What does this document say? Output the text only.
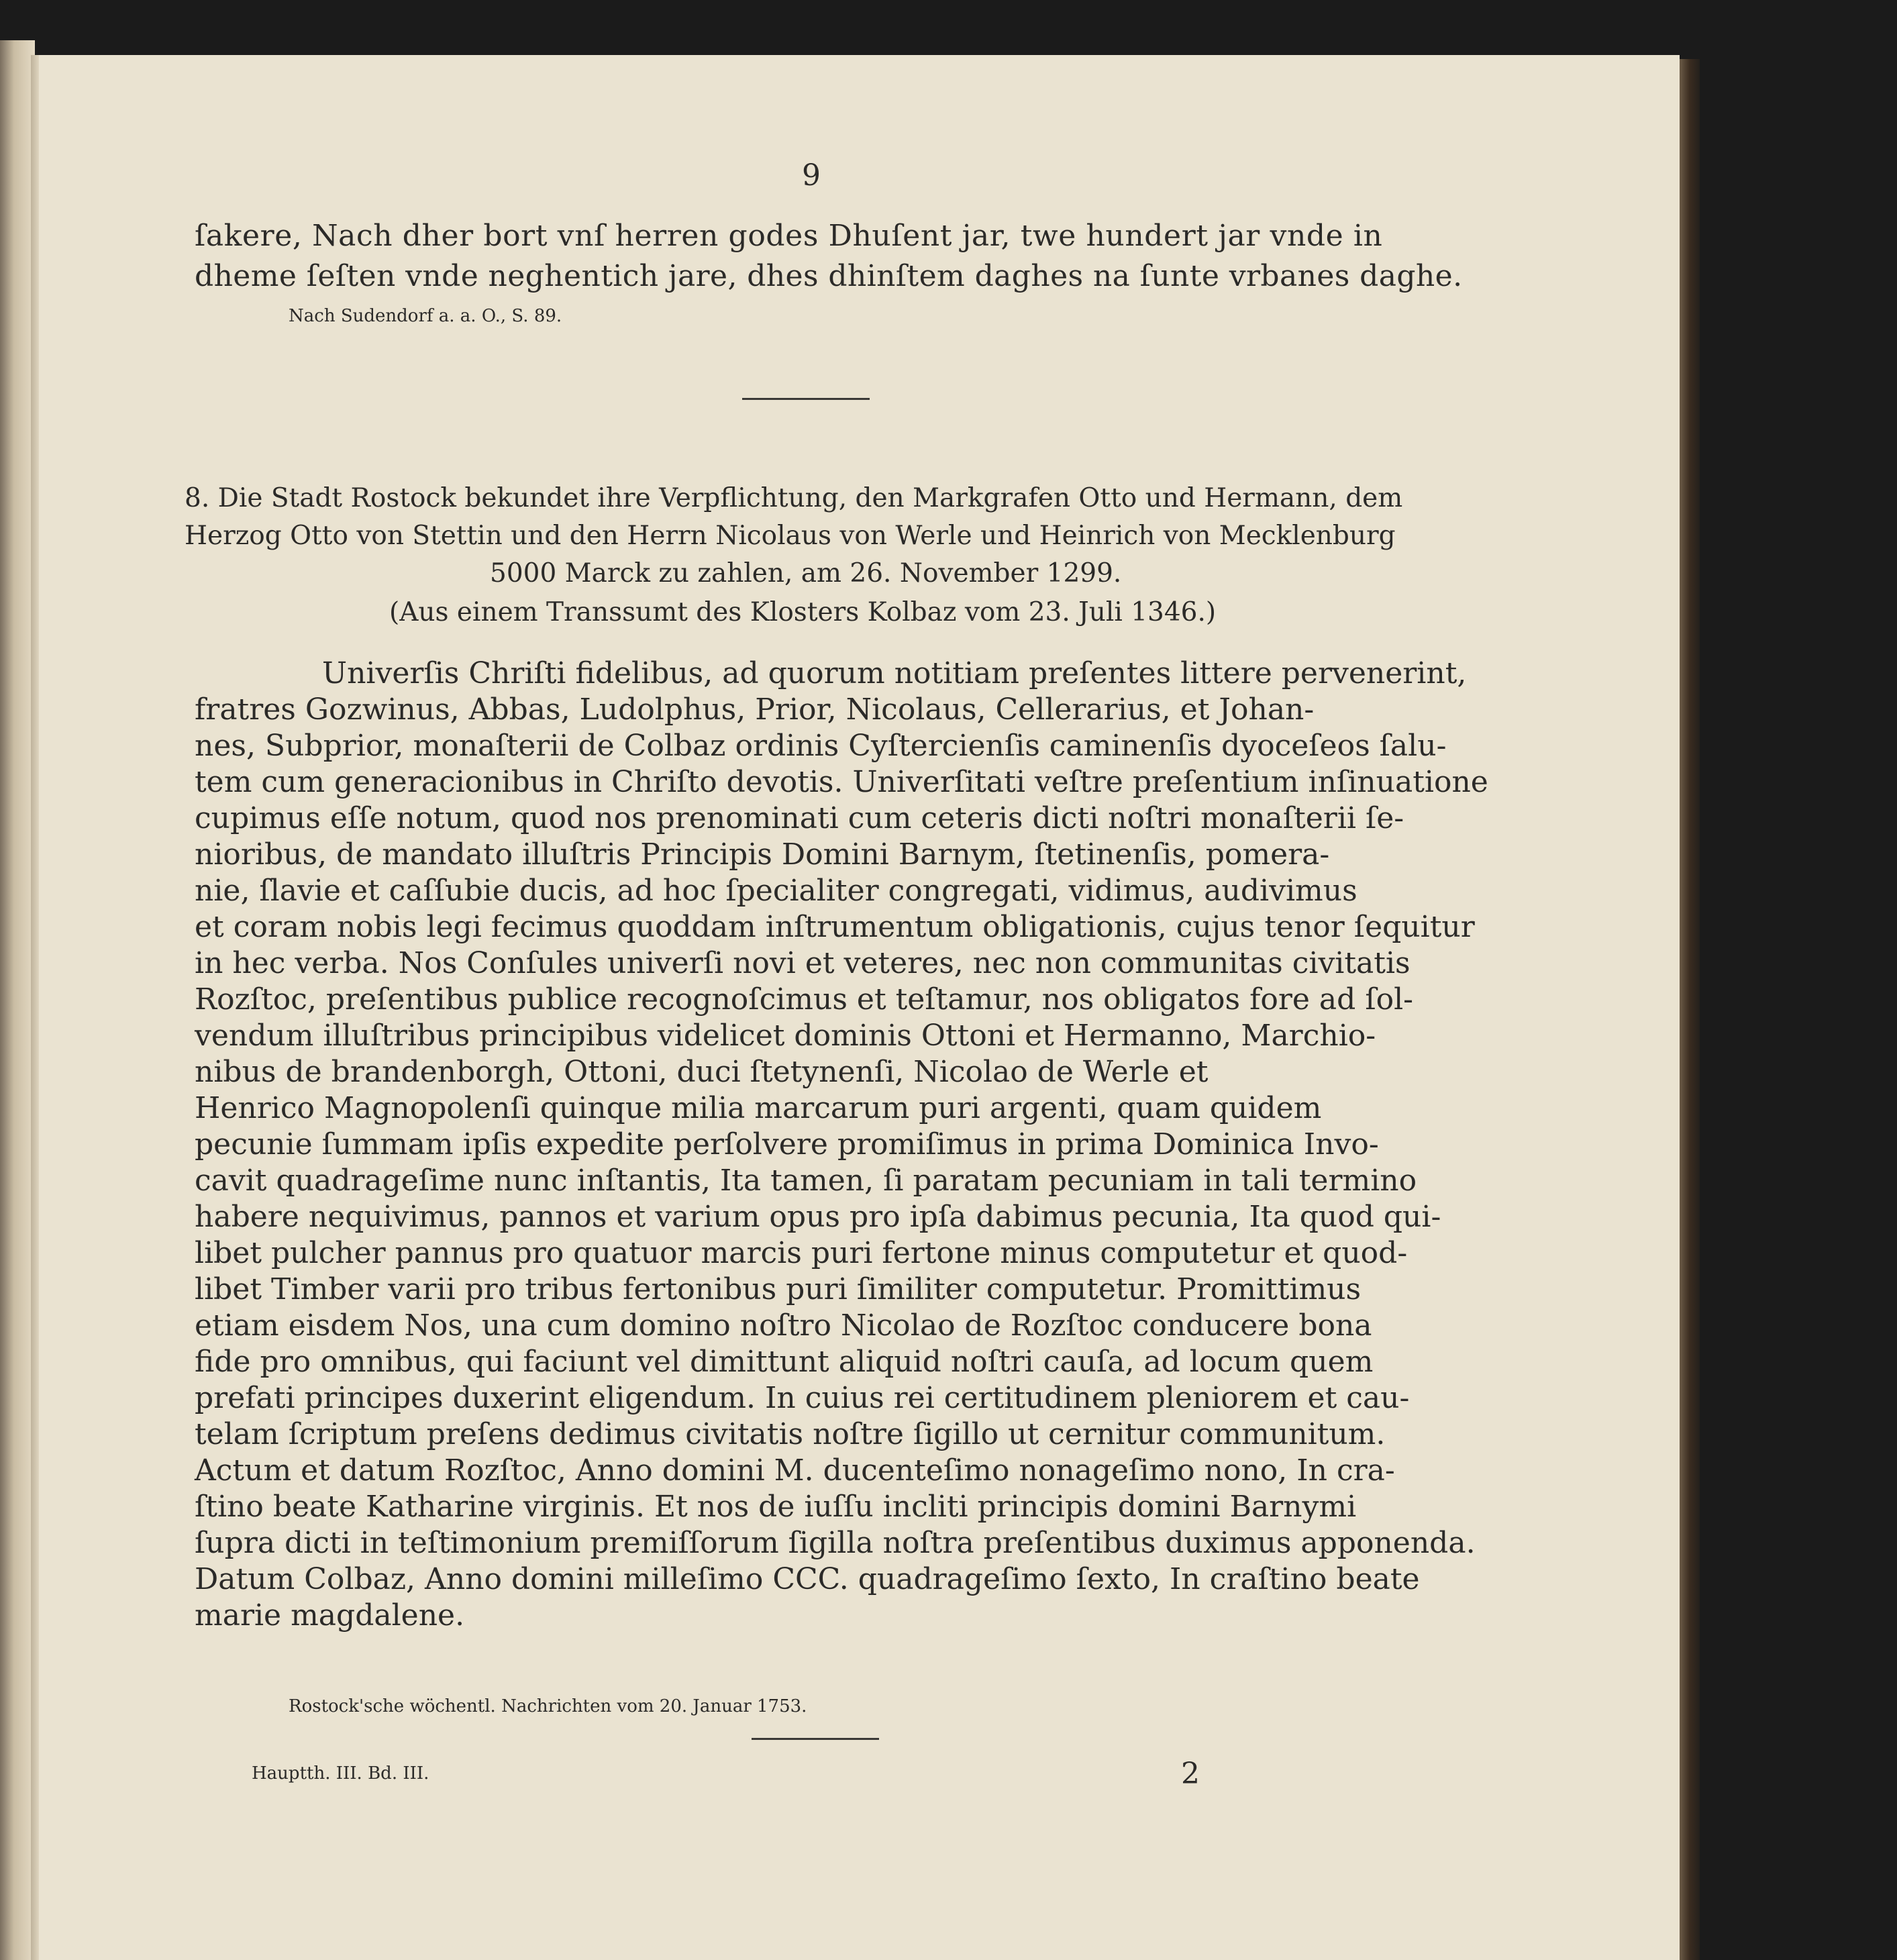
9
ſakere, Nach dher bort vnſ herren godes Dhuſent jar, twe hundert jar vnde in
dheme ſeſten vnde neghentich jare, dhes dhinſtem daghes na ſunte vrbanes daghe.
Nach Sudendorf a. a. O., S. 89.
8. Die Stadt Rostock bekundet ihre Verpflichtung, den Markgrafen Otto und Hermann, dem
Herzog Otto von Stettin und den Herrn Nicolaus von Werle und Heinrich von Mecklenburg
5000 Marck zu zahlen, am 26. November 1299.
(Aus einem Transsumt des Klosters Kolbaz vom 23. Juli 1346.)
Univerſis Chriſti fidelibus, ad quorum notitiam preſentes littere pervenerint,
fratres Gozwinus, Abbas, Ludolphus, Prior, Nicolaus, Cellerarius, et Johan-
nes, Subprior, monaſterii de Colbaz ordinis Cyſtercienſis caminenſis dyoceſeos ſalu-
tem cum generacionibus in Chriſto devotis. Univerſitati veſtre preſentium inſinuatione
cupimus eſſe notum, quod nos prenominati cum ceteris dicti noſtri monaſterii ſe-
nioribus, de mandato illuſtris Principis Domini Barnym, ſtetinenſis, pomera-
nie, ſlavie et caſſubie ducis, ad hoc ſpecialiter congregati, vidimus, audivimus
et coram nobis legi fecimus quoddam inſtrumentum obligationis, cujus tenor ſequitur
in hec verba. Nos Conſules univerſi novi et veteres, nec non communitas civitatis
Rozſtoc, preſentibus publice recognoſcimus et teſtamur, nos obligatos fore ad ſol-
vendum illuſtribus principibus videlicet dominis Ottoni et Hermanno, Marchio-
nibus de brandenborgh, Ottoni, duci ſtetynenſi, Nicolao de Werle et
Henrico Magnopolenſi quinque milia marcarum puri argenti, quam quidem
pecunie ſummam ipſis expedite perſolvere promiſimus in prima Dominica Invo-
cavit quadrageſime nunc inſtantis, Ita tamen, ſi paratam pecuniam in tali termino
habere nequivimus, pannos et varium opus pro ipſa dabimus pecunia, Ita quod qui-
libet pulcher pannus pro quatuor marcis puri fertone minus computetur et quod-
libet Timber varii pro tribus fertonibus puri ſimiliter computetur. Promittimus
etiam eisdem Nos, una cum domino noſtro Nicolao de Rozſtoc conducere bona
fide pro omnibus, qui faciunt vel dimittunt aliquid noſtri cauſa, ad locum quem
prefati principes duxerint eligendum. In cuius rei certitudinem pleniorem et cau-
telam ſcriptum preſens dedimus civitatis noſtre ſigillo ut cernitur communitum.
Actum et datum Rozſtoc, Anno domini M. ducenteſimo nonageſimo nono, In cra-
ſtino beate Katharine virginis. Et nos de iuſſu incliti principis domini Barnymi
ſupra dicti in teſtimonium premiſſorum ſigilla noſtra preſentibus duximus apponenda.
Datum Colbaz, Anno domini milleſimo CCC. quadrageſimo ſexto, In craſtino beate
marie magdalene.
Rostock'sche wöchentl. Nachrichten vom 20. Januar 1753.
Hauptth. III. Bd. III.	2
